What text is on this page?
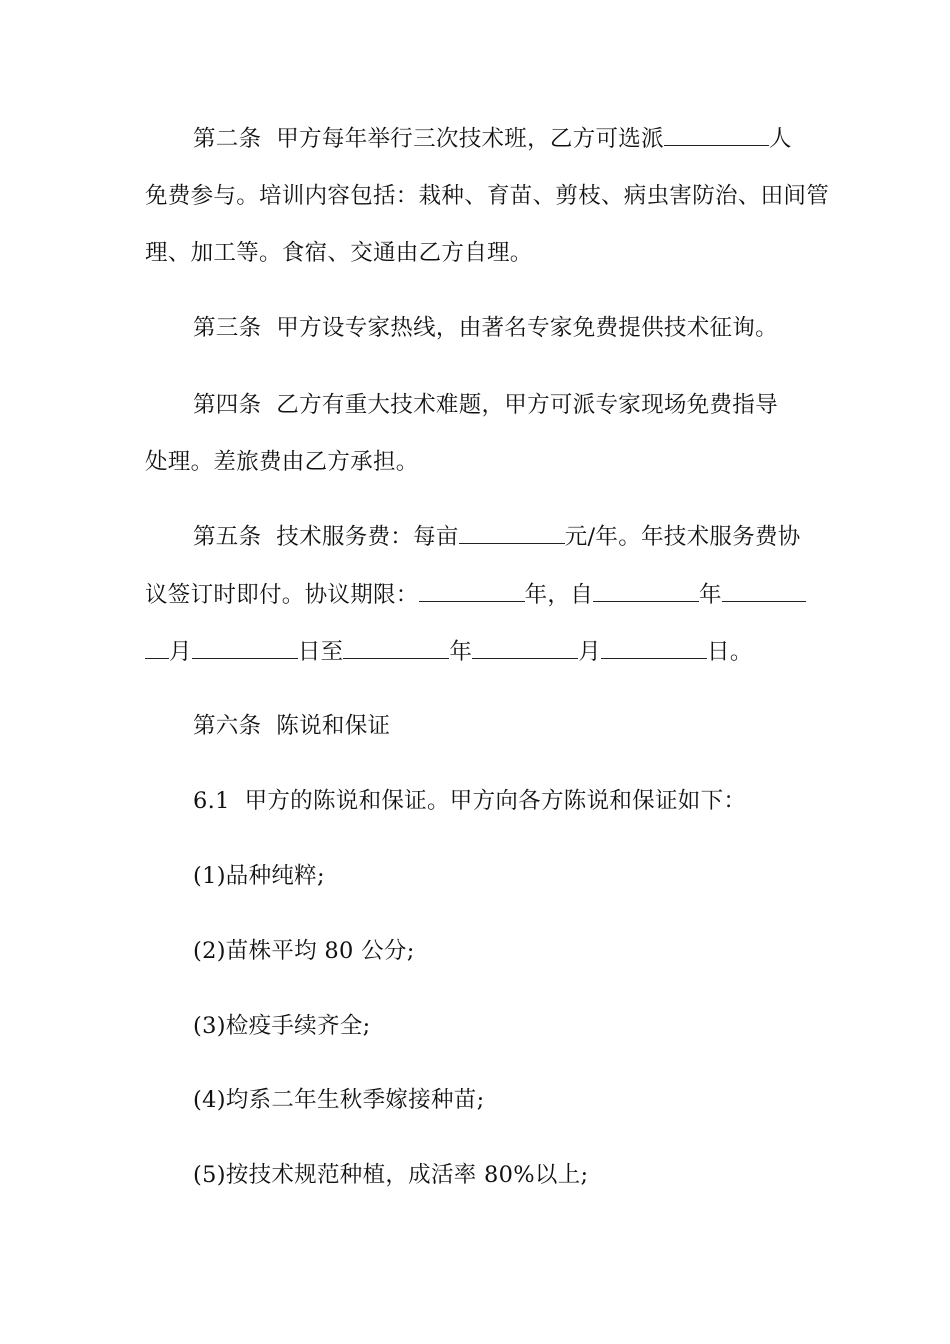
第二条  甲方每年举行三次技术班，乙方可选派	人
免费参与。培训内容包括：栽种、育苗、剪枝、病虫害防治、田间管
理、加工等。食宿、交通由乙方自理。
第三条  甲方设专家热线，由著名专家免费提供技术征询。
第四条  乙方有重大技术难题，甲方可派专家现场免费指导
处理。差旅费由乙方承担。
第五条  技术服务费：每亩	元/年。年技术服务费协
议签订时即付。协议期限：	年，自	年
月	日至	年	月	日。
第六条  陈说和保证
6.1  甲方的陈说和保证。甲方向各方陈说和保证如下：
(1)品种纯粹;
(2)苗株平均 80 公分;
(3)检疫手续齐全;
(4)均系二年生秋季嫁接种苗;
(5)按技术规范种植，成活率 80%以上;
